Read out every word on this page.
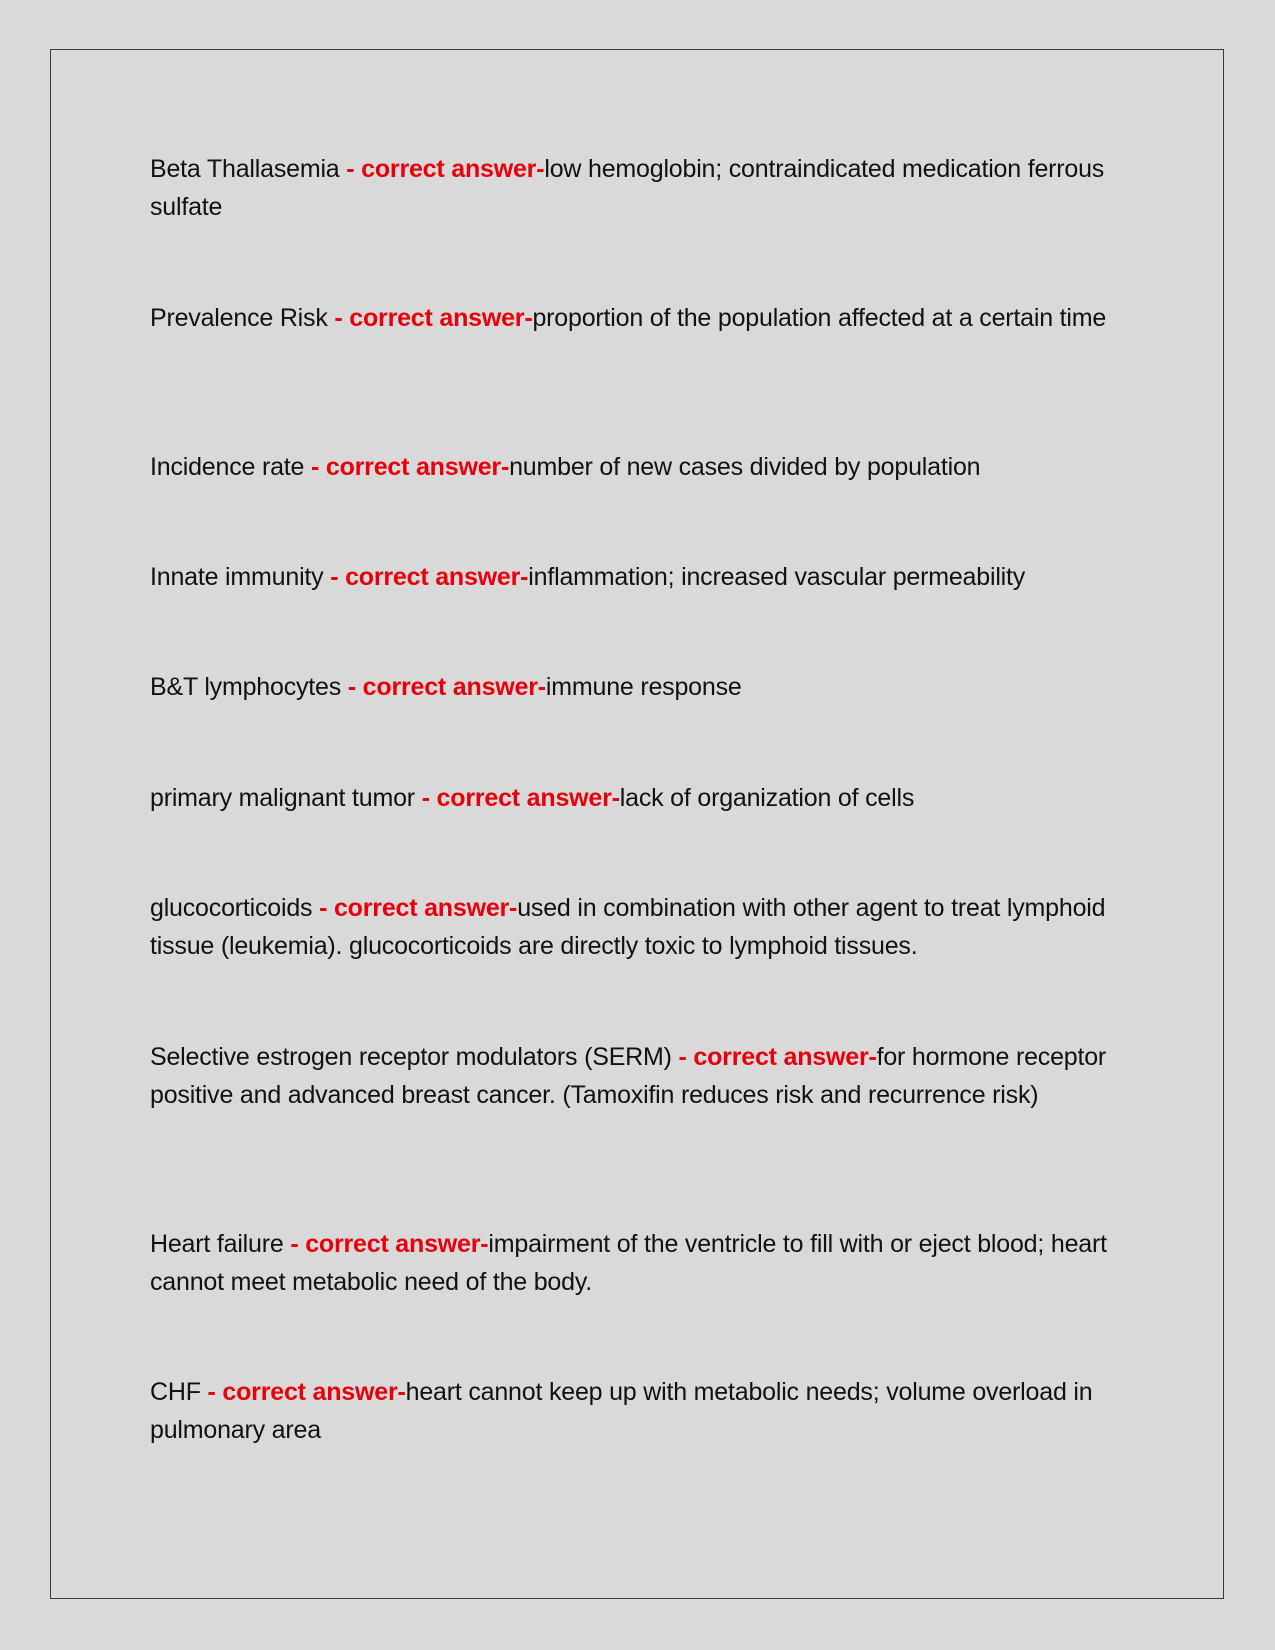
Beta Thallasemia - correct answer-low hemoglobin; contraindicated medication ferrous sulfate

Prevalence Risk - correct answer-proportion of the population affected at a certain time

Incidence rate - correct answer-number of new cases divided by population

Innate immunity - correct answer-inflammation; increased vascular permeability

B&T lymphocytes - correct answer-immune response

primary malignant tumor - correct answer-lack of organization of cells

glucocorticoids - correct answer-used in combination with other agent to treat lymphoid tissue (leukemia). glucocorticoids are directly toxic to lymphoid tissues.

Selective estrogen receptor modulators (SERM) - correct answer-for hormone receptor positive and advanced breast cancer. (Tamoxifin reduces risk and recurrence risk)

Heart failure - correct answer-impairment of the ventricle to fill with or eject blood; heart cannot meet metabolic need of the body.

CHF - correct answer-heart cannot keep up with metabolic needs; volume overload in pulmonary area
